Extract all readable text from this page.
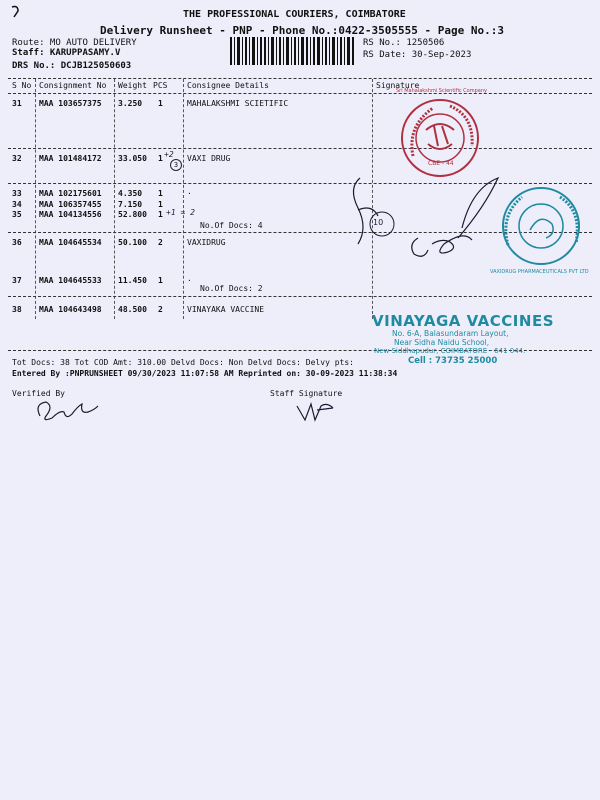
THE PROFESSIONAL COURIERS, COIMBATORE
Delivery Runsheet - PNP - Phone No.:0422-3505555 - Page No.:3
Route: MO AUTO DELIVERY
Staff: KARUPPASAMY.V
DRS No.: DCJB125050603
RS No.: 1250506
RS Date: 30-Sep-2023
S No Consignment No Weight PCS Consignee Details	Signature
31 MAA 103657375 3.250 1	MAHALAKSHMI SCIETIFIC
32 MAA 101484172 33.050 1	VAXI DRUG
+2
3
33 MAA 102175601 4.350 1	.
34 MAA 106357455 7.150 1
35 MAA 104134556 52.800 1 +1 = 2
No.Of Docs: 4
36 MAA 104645534 50.100 2	VAXIDRUG
37 MAA 104645533 11.450 1	.
No.Of Docs: 2
38 MAA 104643498 48.500 2	VINAYAKA VACCINE
Tot Docs: 38 Tot COD Amt: 310.00 Delvd Docs: Non Delvd Docs: Delvy pts:
Entered By :PNPRUNSHEET 09/30/2023 11:07:58 AM Reprinted on: 30-09-2023 11:38:34
Verified By	Staff Signature
CBE - 44
Sri Mahalakshmi Scientific Company
VAXIDRUG PHARMACEUTICALS PVT LTD
VINAYAGA VACCINES
No. 6-A, Balasundaram Layout,
Near Sidha Naidu School,
New Siddhapudur, COIMBATORE - 641 044.
Cell : 73735 25000
10
